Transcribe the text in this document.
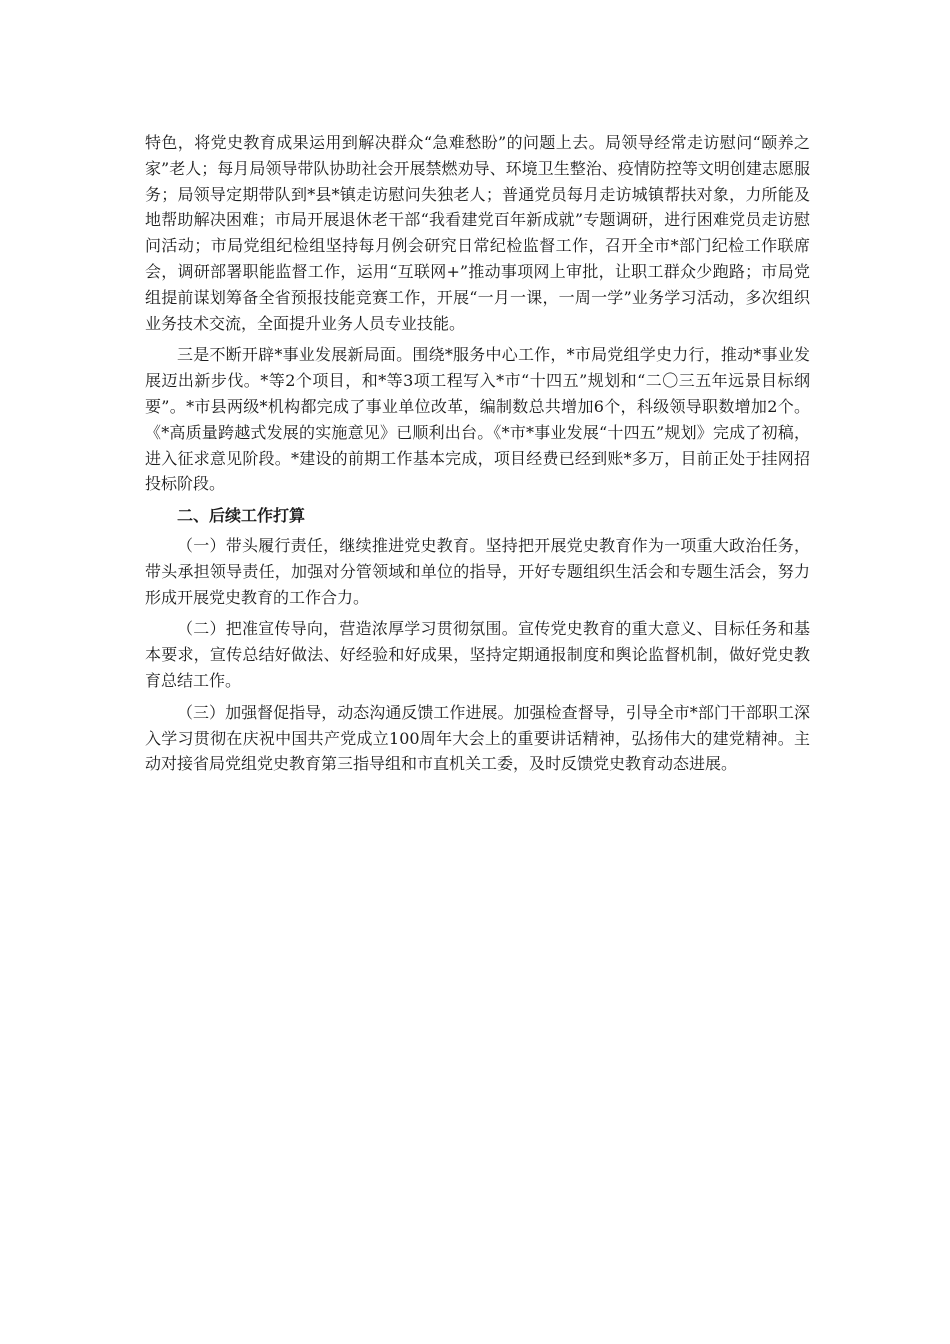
特色，将党史教育成果运用到解决群众“急难愁盼”的问题上去。局领导经常走访慰问“颐养之家”老人；每月局领导带队协助社会开展禁燃劝导、环境卫生整治、疫情防控等文明创建志愿服务；局领导定期带队到*县*镇走访慰问失独老人；普通党员每月走访城镇帮扶对象，力所能及地帮助解决困难；市局开展退休老干部“我看建党百年新成就”专题调研，进行困难党员走访慰问活动；市局党组纪检组坚持每月例会研究日常纪检监督工作，召开全市*部门纪检工作联席会，调研部署职能监督工作，运用“互联网+”推动事项网上审批，让职工群众少跑路；市局党组提前谋划筹备全省预报技能竞赛工作，开展“一月一课，一周一学”业务学习活动，多次组织业务技术交流，全面提升业务人员专业技能。

三是不断开辟*事业发展新局面。围绕*服务中心工作，*市局党组学史力行，推动*事业发展迈出新步伐。*等2个项目，和*等3项工程写入*市“十四五”规划和“二〇三五年远景目标纲要”。*市县两级*机构都完成了事业单位改革，编制数总共增加6个，科级领导职数增加2个。《*高质量跨越式发展的实施意见》已顺利出台。《*市*事业发展“十四五”规划》完成了初稿，进入征求意见阶段。*建设的前期工作基本完成，项目经费已经到账*多万，目前正处于挂网招投标阶段。

二、后续工作打算

（一）带头履行责任，继续推进党史教育。坚持把开展党史教育作为一项重大政治任务，带头承担领导责任，加强对分管领域和单位的指导，开好专题组织生活会和专题生活会，努力形成开展党史教育的工作合力。

（二）把准宣传导向，营造浓厚学习贯彻氛围。宣传党史教育的重大意义、目标任务和基本要求，宣传总结好做法、好经验和好成果，坚持定期通报制度和舆论监督机制，做好党史教育总结工作。

（三）加强督促指导，动态沟通反馈工作进展。加强检查督导，引导全市*部门干部职工深入学习贯彻在庆祝中国共产党成立100周年大会上的重要讲话精神，弘扬伟大的建党精神。主动对接省局党组党史教育第三指导组和市直机关工委，及时反馈党史教育动态进展。
